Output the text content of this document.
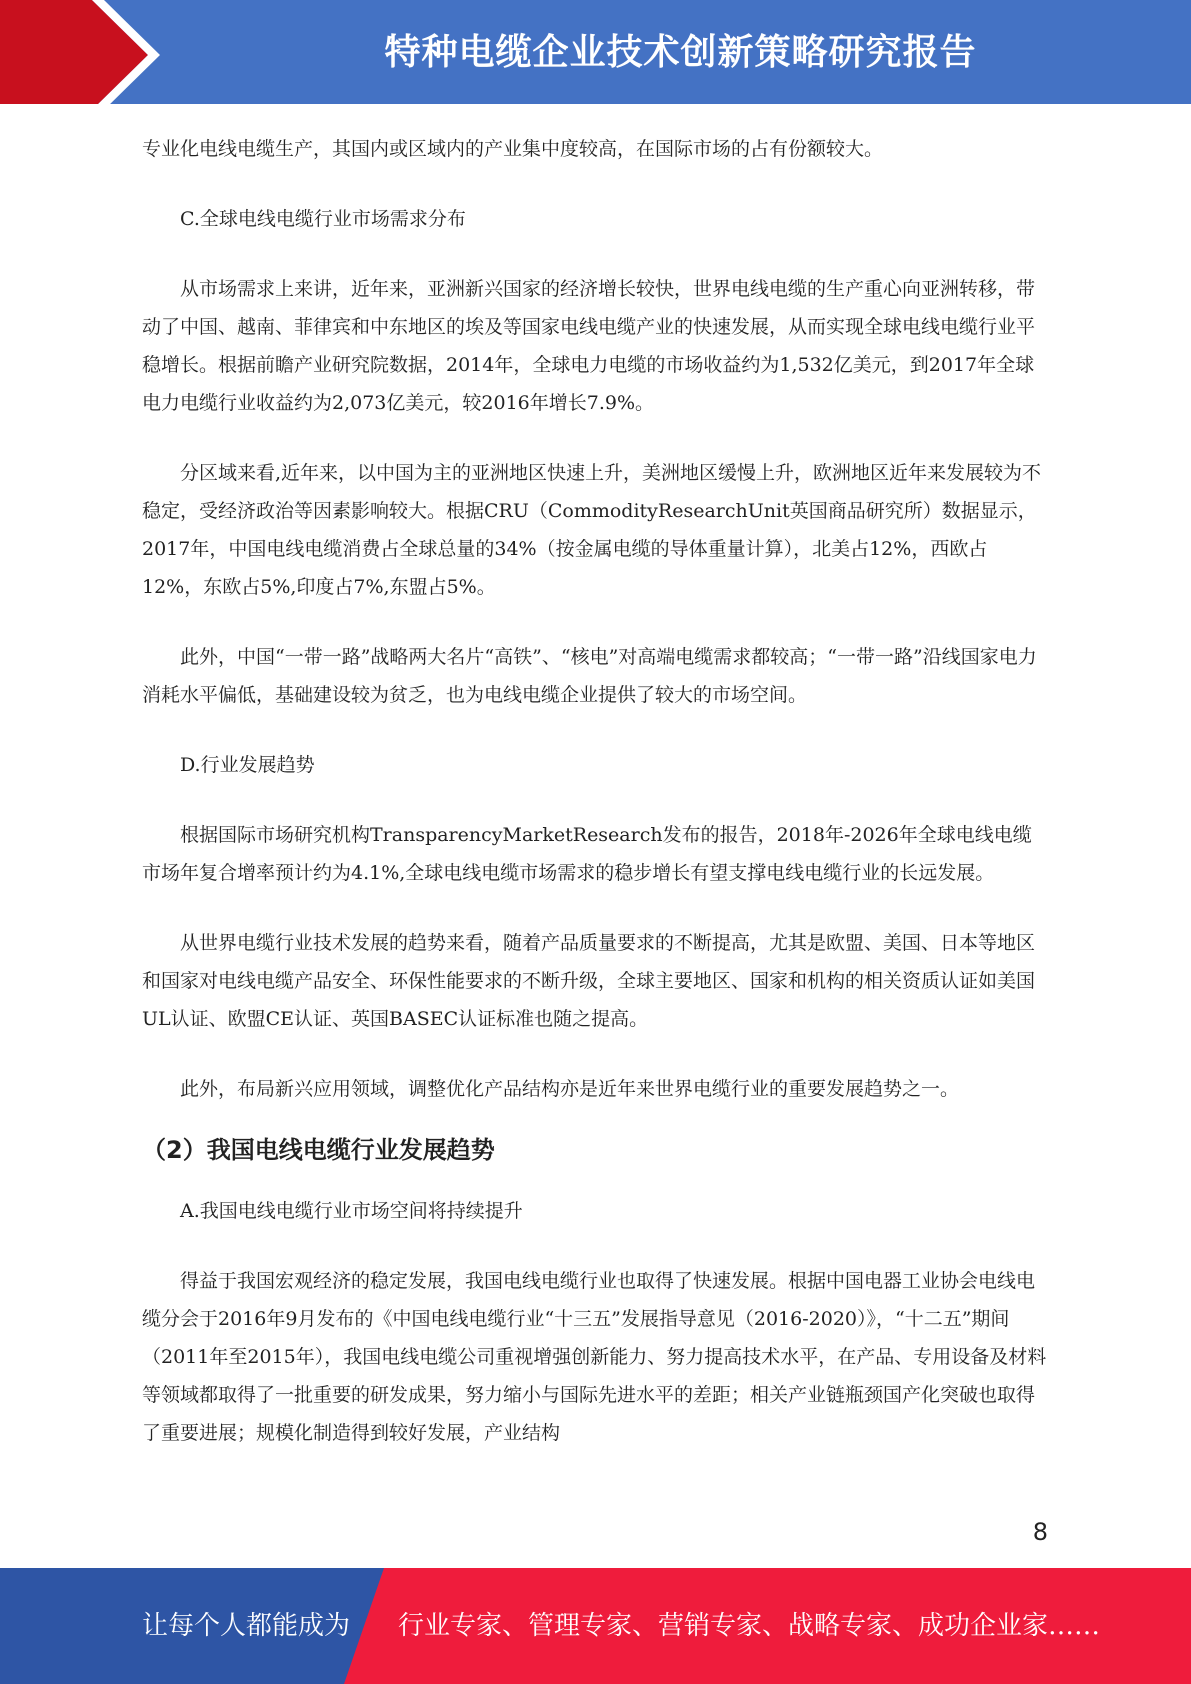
特种电缆企业技术创新策略研究报告

专业化电线电缆生产，其国内或区域内的产业集中度较高，在国际市场的占有份额较大。

C.全球电线电缆行业市场需求分布

从市场需求上来讲，近年来，亚洲新兴国家的经济增长较快，世界电线电缆的生产重心向亚洲转移，带动了中国、越南、菲律宾和中东地区的埃及等国家电线电缆产业的快速发展，从而实现全球电线电缆行业平稳增长。根据前瞻产业研究院数据，2014年，全球电力电缆的市场收益约为1,532亿美元，到2017年全球电力电缆行业收益约为2,073亿美元，较2016年增长7.9%。

分区域来看,近年来，以中国为主的亚洲地区快速上升，美洲地区缓慢上升，欧洲地区近年来发展较为不稳定，受经济政治等因素影响较大。根据CRU（CommodityResearchUnit英国商品研究所）数据显示，2017年，中国电线电缆消费占全球总量的34%（按金属电缆的导体重量计算），北美占12%，西欧占12%，东欧占5%,印度占7%,东盟占5%。

此外，中国“一带一路”战略两大名片“高铁”、“核电”对高端电缆需求都较高；“一带一路”沿线国家电力消耗水平偏低，基础建设较为贫乏，也为电线电缆企业提供了较大的市场空间。

D.行业发展趋势

根据国际市场研究机构TransparencyMarketResearch发布的报告，2018年-2026年全球电线电缆市场年复合增率预计约为4.1%,全球电线电缆市场需求的稳步增长有望支撑电线电缆行业的长远发展。

从世界电缆行业技术发展的趋势来看，随着产品质量要求的不断提高，尤其是欧盟、美国、日本等地区和国家对电线电缆产品安全、环保性能要求的不断升级，全球主要地区、国家和机构的相关资质认证如美国UL认证、欧盟CE认证、英国BASEC认证标准也随之提高。

此外，布局新兴应用领域，调整优化产品结构亦是近年来世界电缆行业的重要发展趋势之一。

（2）我国电线电缆行业发展趋势

A.我国电线电缆行业市场空间将持续提升

得益于我国宏观经济的稳定发展，我国电线电缆行业也取得了快速发展。根据中国电器工业协会电线电缆分会于2016年9月发布的《中国电线电缆行业“十三五”发展指导意见（2016-2020）》，“十二五”期间（2011年至2015年），我国电线电缆公司重视增强创新能力、努力提高技术水平，在产品、专用设备及材料等领域都取得了一批重要的研发成果，努力缩小与国际先进水平的差距；相关产业链瓶颈国产化突破也取得了重要进展；规模化制造得到较好发展，产业结构

8
让每个人都能成为 行业专家、管理专家、营销专家、战略专家、成功企业家……
